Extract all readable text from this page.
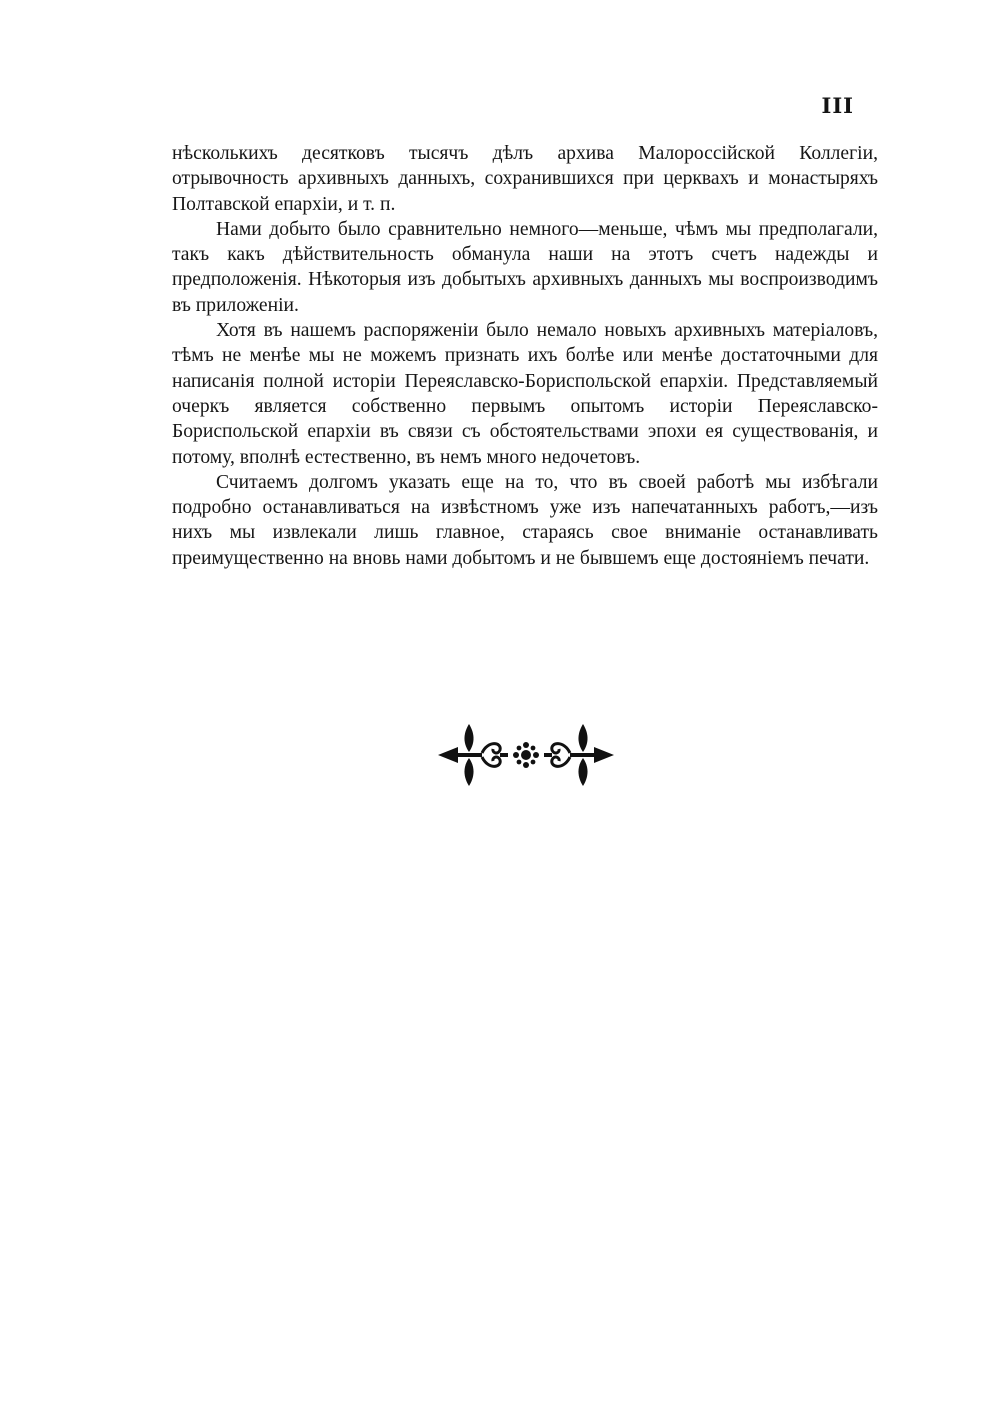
III

нѣсколькихъ десятковъ тысячъ дѣлъ архива Малороссійской Коллегіи, отрывочность архивныхъ данныхъ, сохранившихся при церквахъ и монастыряхъ Полтавской епархіи, и т. п.

Нами добыто было сравнительно немного—меньше, чѣмъ мы предполагали, такъ какъ дѣйствительность обманула наши на этотъ счетъ надежды и предположенія. Нѣкоторыя изъ добытыхъ архивныхъ данныхъ мы воспроизводимъ въ приложеніи.

Хотя въ нашемъ распоряженіи было немало новыхъ архивныхъ матеріаловъ, тѣмъ не менѣе мы не можемъ признать ихъ болѣе или менѣе достаточными для написанія полной исторіи Переяславско-Бориспольской епархіи. Представляемый очеркъ является собственно первымъ опытомъ исторіи Переяславско-Бориспольской епархіи въ связи съ обстоятельствами эпохи ея существованія, и потому, вполнѣ естественно, въ немъ много недочетовъ.

Считаемъ долгомъ указать еще на то, что въ своей работѣ мы избѣгали подробно останавливаться на извѣстномъ уже изъ напечатанныхъ работъ,—изъ нихъ мы извлекали лишь главное, стараясь свое вниманіе останавливать преимущественно на вновь нами добытомъ и не бывшемъ еще достояніемъ печати.
